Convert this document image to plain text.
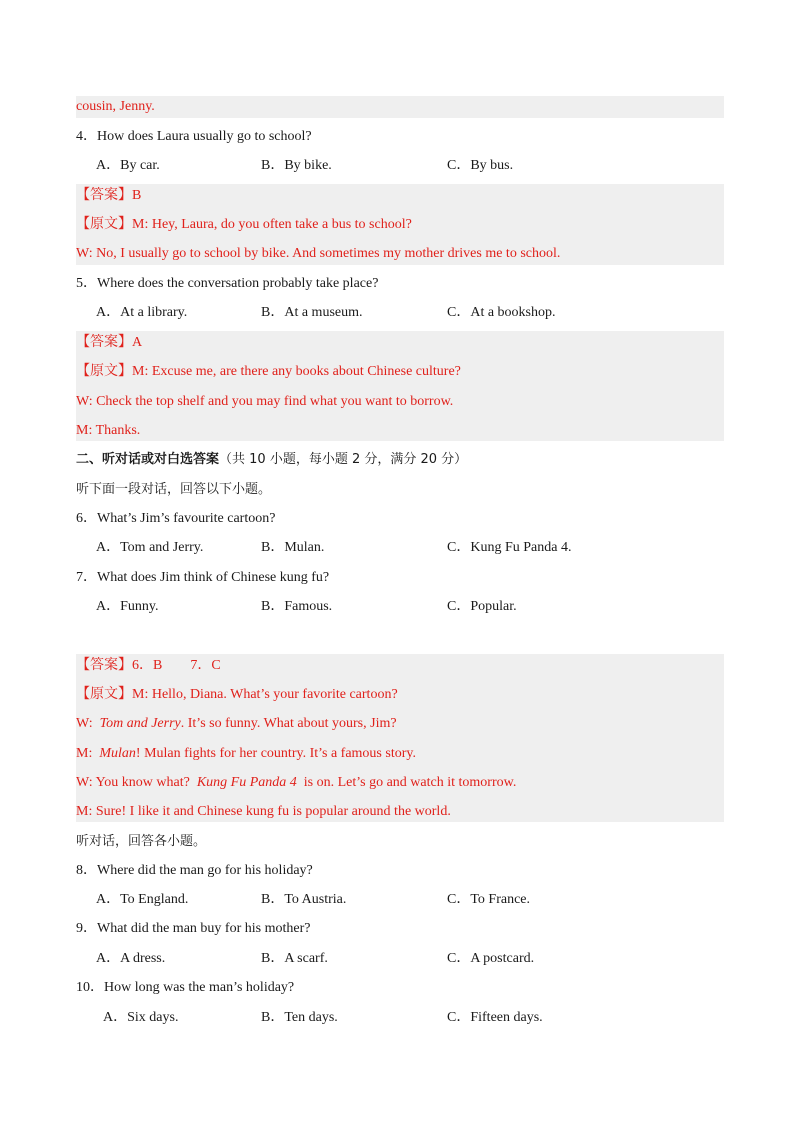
cousin, Jenny.
4．How does Laura usually go to school?
A．By car.	B．By bike.	C．By bus.
【答案】B
【原文】M: Hey, Laura, do you often take a bus to school?
W: No, I usually go to school by bike. And sometimes my mother drives me to school.
5．Where does the conversation probably take place?
A．At a library.	B．At a museum.	C．At a bookshop.
【答案】A
【原文】M: Excuse me, are there any books about Chinese culture?
W: Check the top shelf and you may find what you want to borrow.
M: Thanks.
二、听对话或对白选答案（共 10 小题，每小题 2 分，满分 20 分）
听下面一段对话，回答以下小题。
6．What’s Jim’s favourite cartoon?
A．Tom and Jerry.	B．Mulan.	C．Kung Fu Panda 4.
7．What does Jim think of Chinese kung fu?
A．Funny.	B．Famous.	C．Popular.
【答案】6．B　　7．C
【原文】M: Hello, Diana. What’s your favorite cartoon?
W:  Tom and Jerry. It’s so funny. What about yours, Jim?
M:  Mulan! Mulan fights for her country. It’s a famous story.
W: You know what?  Kung Fu Panda 4  is on. Let’s go and watch it tomorrow.
M: Sure! I like it and Chinese kung fu is popular around the world.
听对话，回答各小题。
8．Where did the man go for his holiday?
A．To England.	B．To Austria.	C．To France.
9．What did the man buy for his mother?
A．A dress.	B．A scarf.	C．A postcard.
10．How long was the man’s holiday?
A．Six days.	B．Ten days.	C．Fifteen days.
